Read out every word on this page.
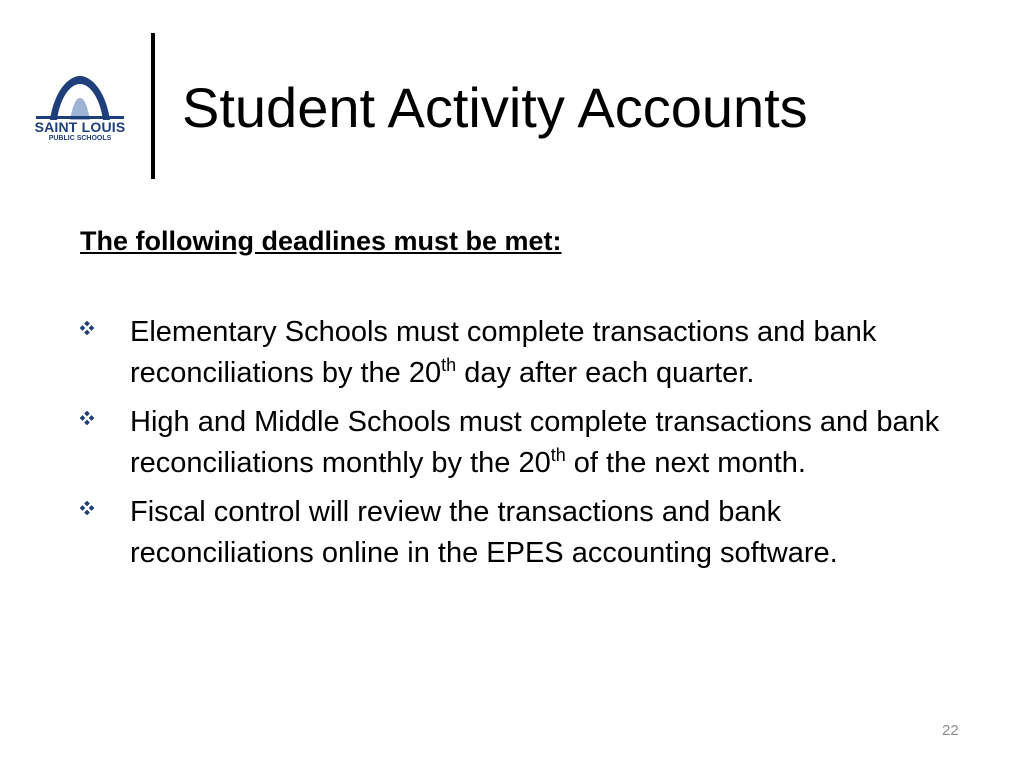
SAINT LOUIS
PUBLIC SCHOOLS	Student Activity Accounts
The following deadlines must be met:
Elementary Schools must complete transactions and bank reconciliations by the 20th day after each quarter.
High and Middle Schools must complete transactions and bank reconciliations monthly by the 20th of the next month.
Fiscal control will review the transactions and bank reconciliations online in the EPES accounting software.
22
